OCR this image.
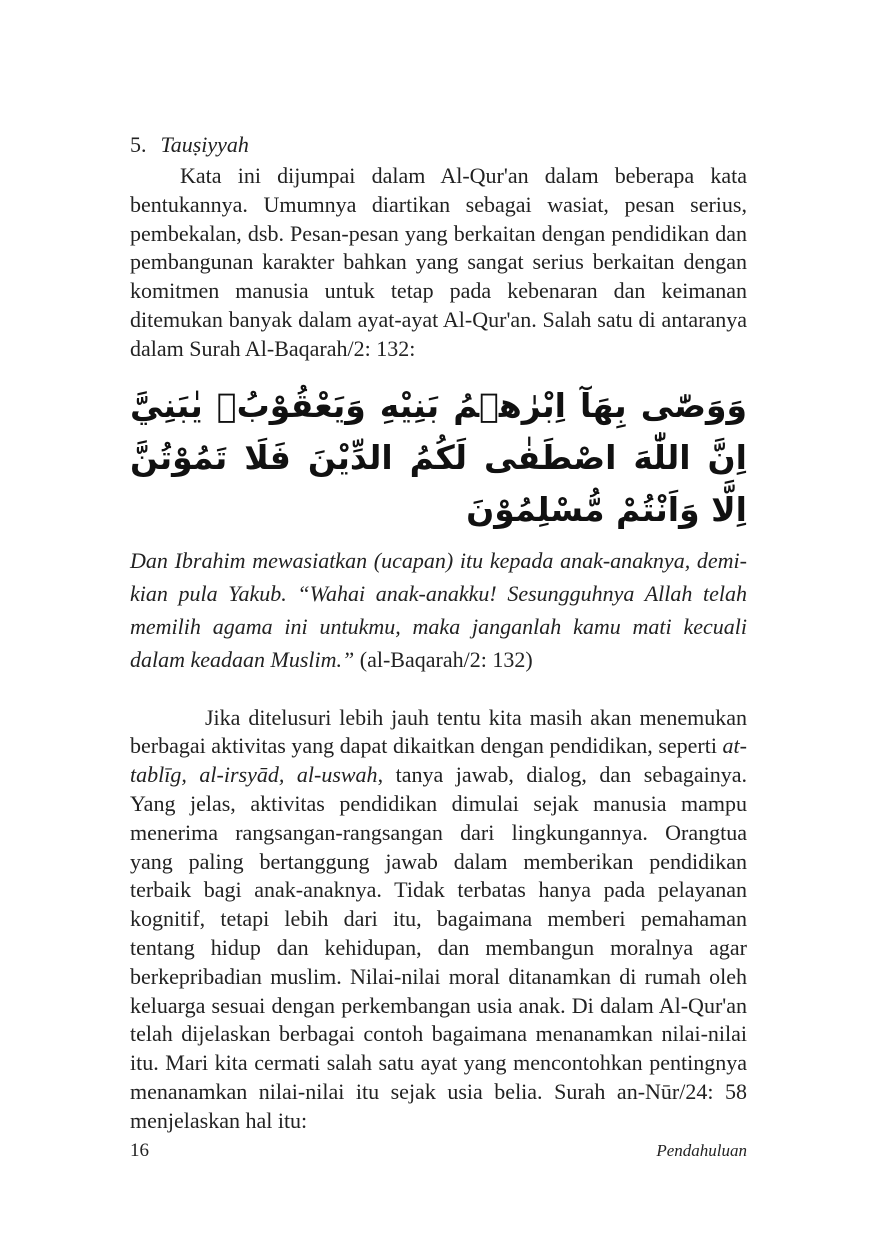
5. Tauṣiyyah

Kata ini dijumpai dalam Al-Qur'an dalam beberapa kata bentukannya. Umumnya diartikan sebagai wasiat, pesan serius, pembekalan, dsb. Pesan-pesan yang berkaitan dengan pendidikan dan pembangunan karakter bahkan yang sangat serius berkaitan dengan komitmen manusia untuk tetap pada kebenaran dan keimanan ditemukan banyak dalam ayat-ayat Al-Qur'an. Salah satu di antaranya dalam Surah Al-Baqarah/2: 132:

وَوَصّٰى بِهَآ اِبْرٰهٖمُ بَنِيْهِ وَيَعْقُوْبُۗ يٰبَنِيَّ اِنَّ اللّٰهَ اصْطَفٰى لَكُمُ الدِّيْنَ فَلَا تَمُوْتُنَّ اِلَّا وَاَنْتُمْ مُّسْلِمُوْنَ

Dan Ibrahim mewasiatkan (ucapan) itu kepada anak-anaknya, demikian pula Yakub. “Wahai anak-anakku! Sesungguhnya Allah telah memilih agama ini untukmu, maka janganlah kamu mati kecuali dalam keadaan Muslim.” (al-Baqarah/2: 132)

Jika ditelusuri lebih jauh tentu kita masih akan menemukan berbagai aktivitas yang dapat dikaitkan dengan pendidikan, seperti at-tablīg, al-irsyād, al-uswah, tanya jawab, dialog, dan sebagainya. Yang jelas, aktivitas pendidikan dimulai sejak manusia mampu menerima rangsangan-rangsangan dari lingkungannya. Orangtua yang paling bertanggung jawab dalam memberikan pendidikan terbaik bagi anak-anaknya. Tidak terbatas hanya pada pelayanan kognitif, tetapi lebih dari itu, bagaimana memberi pemahaman tentang hidup dan kehidupan, dan membangun moralnya agar berkepribadian muslim. Nilai-nilai moral ditanamkan di rumah oleh keluarga sesuai dengan perkembangan usia anak. Di dalam Al-Qur'an telah dijelaskan berbagai contoh bagaimana menanamkan nilai-nilai itu. Mari kita cermati salah satu ayat yang mencontohkan pentingnya menanamkan nilai-nilai itu sejak usia belia. Surah an-Nūr/24: 58 menjelaskan hal itu:

16	Pendahuluan
